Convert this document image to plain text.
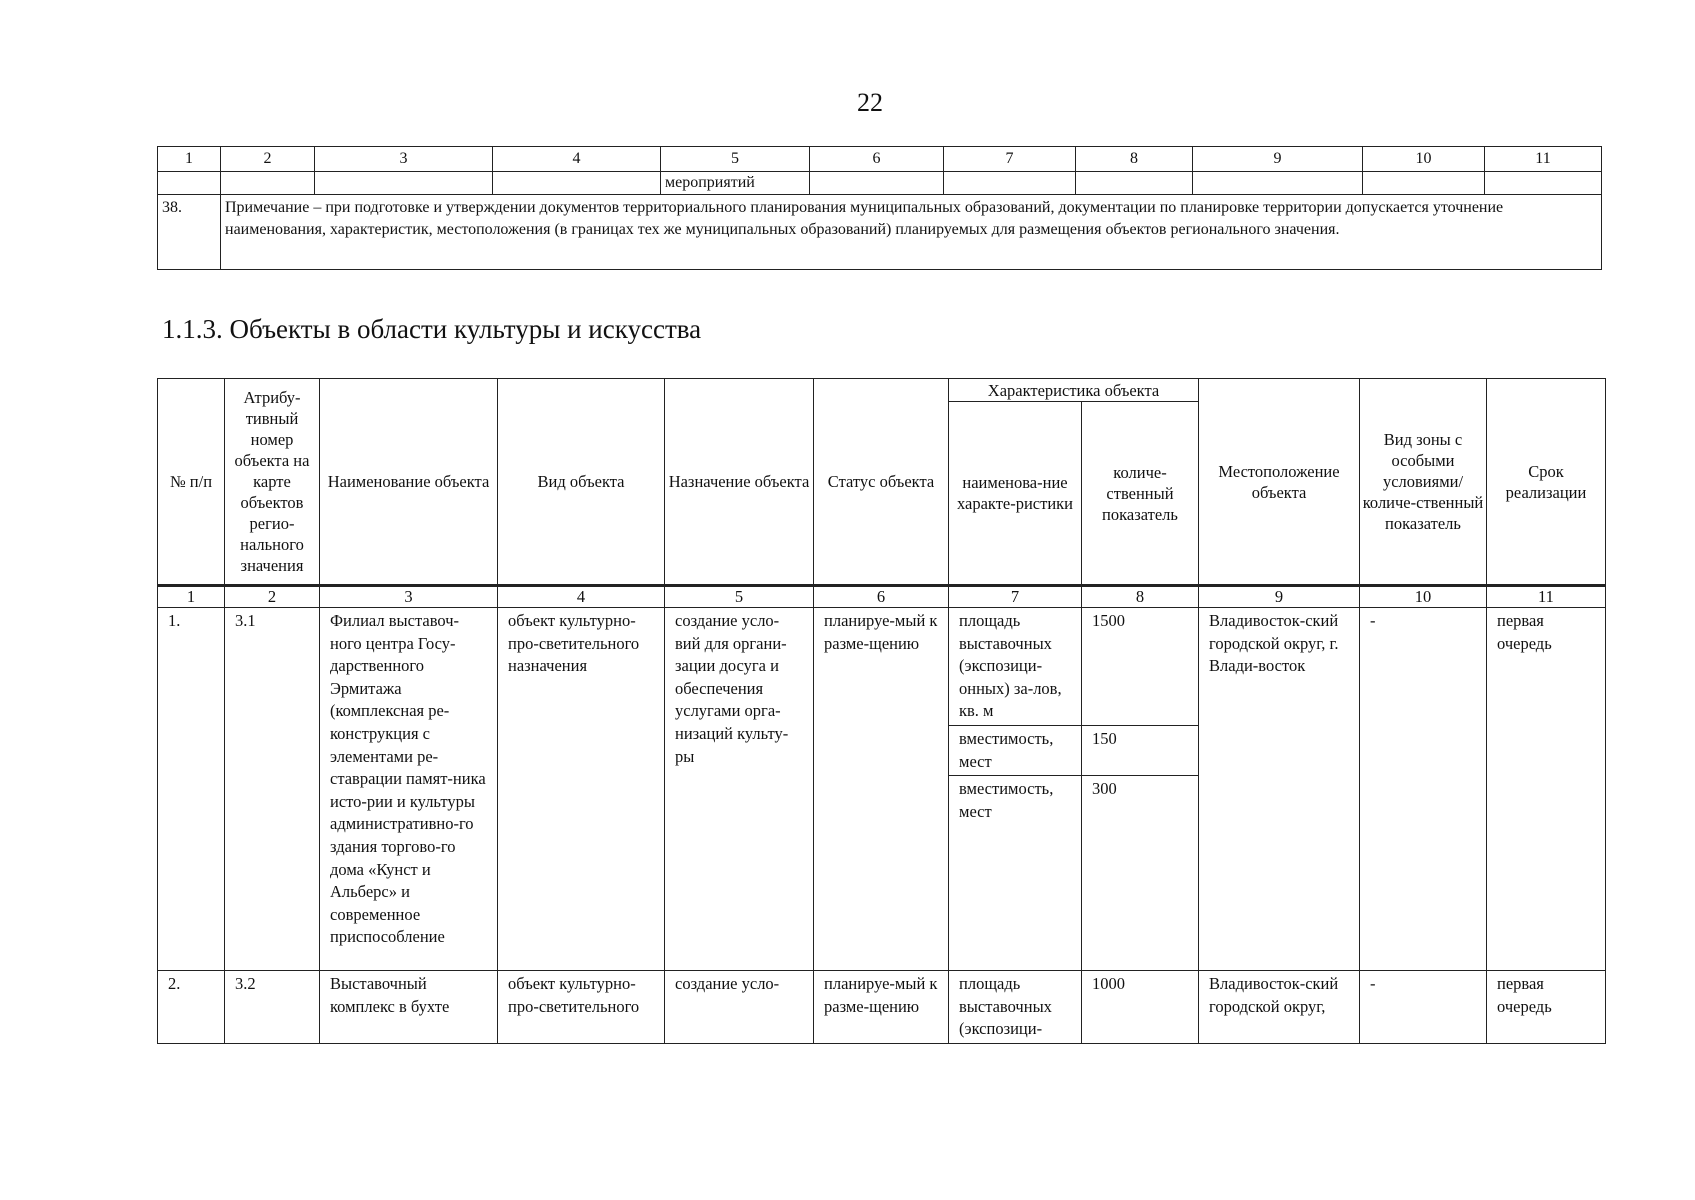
22
1	2	3	4	5	6	7	8	9	10	11
				мероприятий						
38.	Примечание – при подготовке и утверждении документов территориального планирования муниципальных образований, документации по планировке территории допускается уточнение наименования, характеристик, местоположения (в границах тех же муниципальных образований) планируемых для размещения объектов регионального значения.									
1.1.3. Объекты в области культуры и искусства
№ п/п	Атрибу-тивный номер объекта на карте объектов регио-нального значения	Наименование объекта	Вид объекта	Назначение объекта	Статус объекта	Характеристика объекта		Местоположение объекта	Вид зоны с особыми условиями/ количе-ственный показатель	Срок реализации
						наименова-ние характе-ристики	количе-ственный показатель			
1	2	3	4	5	6	7	8	9	10	11
1.	3.1	Филиал выставоч-ного центра Госу-дарственного Эрмитажа (комплексная ре-конструкция с элементами ре-ставрации памят-ника исто-рии и культуры административно-го здания торгово-го дома «Кунст и Альберс» и современное приспособление	объект культурно-про-светительного назначения	создание усло-вий для органи-зации досуга и обеспечения услугами орга-низаций культу-ры	планируе-мый к разме-щению	площадь выставочных (экспозици-онных) за-лов, кв. м	1500	Владивосток-ский городской округ, г. Влади-восток	-	первая очередь
						вместимость, мест	150			
						вместимость, мест	300			
2.	3.2	Выставочный комплекс в бухте	объект культурно-про-светительного	создание усло-	планируе-мый к разме-щению	площадь выставочных (экспозици-	1000	Владивосток-ский городской округ,	-	первая очередь
